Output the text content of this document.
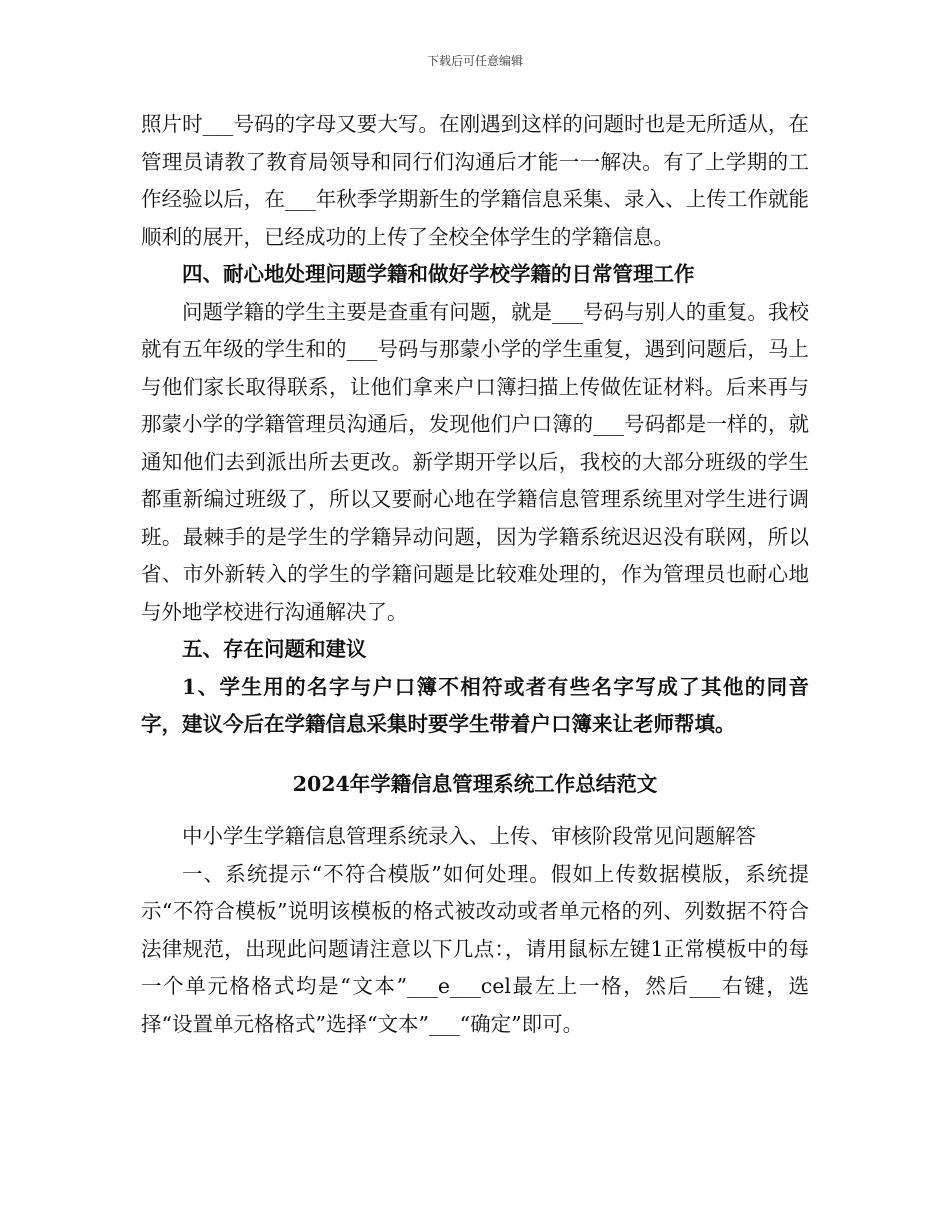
下载后可任意编辑

照片时___号码的字母又要大写。在刚遇到这样的问题时也是无所适从，在管理员请教了教育局领导和同行们沟通后才能一一解决。有了上学期的工作经验以后，在___年秋季学期新生的学籍信息采集、录入、上传工作就能顺利的展开，已经成功的上传了全校全体学生的学籍信息。

四、耐心地处理问题学籍和做好学校学籍的日常管理工作

问题学籍的学生主要是查重有问题，就是___号码与别人的重复。我校就有五年级的学生和的___号码与那蒙小学的学生重复，遇到问题后，马上与他们家长取得联系，让他们拿来户口簿扫描上传做佐证材料。后来再与那蒙小学的学籍管理员沟通后，发现他们户口簿的___号码都是一样的，就通知他们去到派出所去更改。新学期开学以后，我校的大部分班级的学生都重新编过班级了，所以又要耐心地在学籍信息管理系统里对学生进行调班。最棘手的是学生的学籍异动问题，因为学籍系统迟迟没有联网，所以省、市外新转入的学生的学籍问题是比较难处理的，作为管理员也耐心地与外地学校进行沟通解决了。

五、存在问题和建议

1、学生用的名字与户口簿不相符或者有些名字写成了其他的同音字，建议今后在学籍信息采集时要学生带着户口簿来让老师帮填。

2024年学籍信息管理系统工作总结范文

中小学生学籍信息管理系统录入、上传、审核阶段常见问题解答

一、系统提示“不符合模版”如何处理。假如上传数据模版，系统提示“不符合模板”说明该模板的格式被改动或者单元格的列、列数据不符合法律规范，出现此问题请注意以下几点：，请用鼠标左键1正常模板中的每一个单元格格式均是“文本”___e___cel最左上一格，然后___右键，选择“设置单元格格式”选择“文本”___“确定”即可。
